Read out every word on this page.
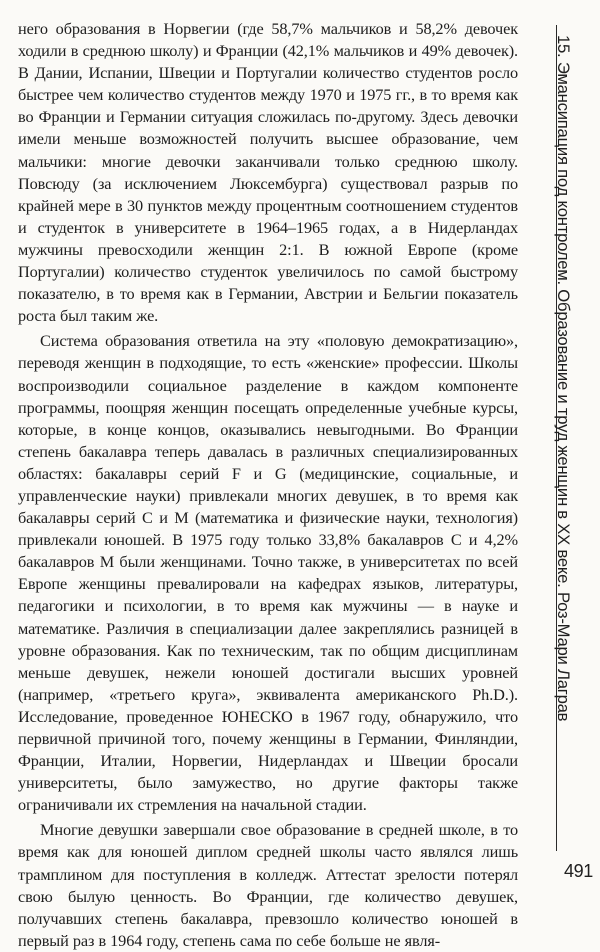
него образования в Норвегии (где 58,7% мальчиков и 58,2% девочек ходили в среднюю школу) и Франции (42,1% мальчиков и 49% девочек). В Дании, Испании, Швеции и Португалии количество студентов росло быстрее чем количество студентов между 1970 и 1975 гг., в то время как во Франции и Германии ситуация сложилась по-другому. Здесь девочки имели меньше возможностей получить высшее образование, чем мальчики: многие девочки заканчивали только среднюю школу. Повсюду (за исключением Люксембурга) существовал разрыв по крайней мере в 30 пунктов между процентным соотношением студентов и студенток в университете в 1964–1965 годах, а в Нидерландах мужчины превосходили женщин 2:1. В южной Европе (кроме Португалии) количество студенток увеличилось по самой быстрому показателю, в то время как в Германии, Австрии и Бельгии показатель роста был таким же.

Система образования ответила на эту «половую демократизацию», переводя женщин в подходящие, то есть «женские» профессии. Школы воспроизводили социальное разделение в каждом компоненте программы, поощряя женщин посещать определенные учебные курсы, которые, в конце концов, оказывались невыгодными. Во Франции степень бакалавра теперь давалась в различных специализированных областях: бакалавры серий F и G (медицинские, социальные, и управленческие науки) привлекали многих девушек, в то время как бакалавры серий C и M (математика и физические науки, технология) привлекали юношей. В 1975 году только 33,8% бакалавров C и 4,2% бакалавров M были женщинами. Точно также, в университетах по всей Европе женщины превалировали на кафедрах языков, литературы, педагогики и психологии, в то время как мужчины — в науке и математике. Различия в специализации далее закреплялись разницей в уровне образования. Как по техническим, так по общим дисциплинам меньше девушек, нежели юношей достигали высших уровней (например, «третьего круга», эквивалента американского Ph.D.). Исследование, проведенное ЮНЕСКО в 1967 году, обнаружило, что первичной причиной того, почему женщины в Германии, Финляндии, Франции, Италии, Норвегии, Нидерландах и Швеции бросали университеты, было замужество, но другие факторы также ограничивали их стремления на начальной стадии.

Многие девушки завершали свое образование в средней школе, в то время как для юношей диплом средней школы часто являлся лишь трамплином для поступления в колледж. Аттестат зрелости потерял свою былую ценность. Во Франции, где количество девушек, получавших степень бакалавра, превзошло количество юношей в первый раз в 1964 году, степень сама по себе больше не явля-

15. Эмансипация под контролем. Образование и труд женщин в XX веке. Роз-Мари Лаграв
491
